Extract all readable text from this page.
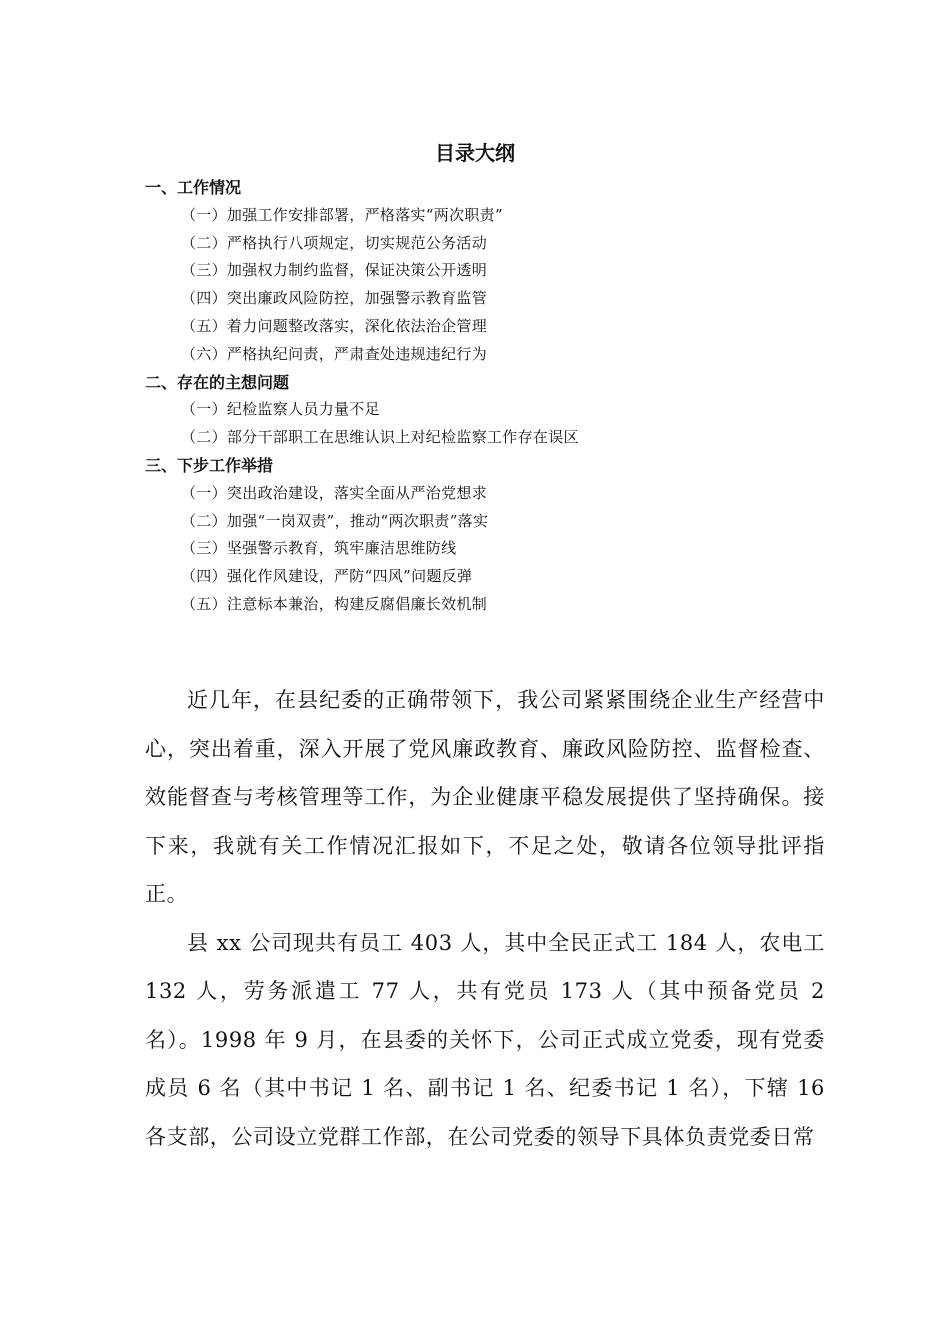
目录大纲
一、工作情况
（一）加强工作安排部署，严格落实“两次职责”
（二）严格执行八项规定，切实规范公务活动
（三）加强权力制约监督，保证决策公开透明
（四）突出廉政风险防控，加强警示教育监管
（五）着力问题整改落实，深化依法治企管理
（六）严格执纪问责，严肃查处违规违纪行为
二、存在的主想问题
（一）纪检监察人员力量不足
（二）部分干部职工在思维认识上对纪检监察工作存在误区
三、下步工作举措
（一）突出政治建设，落实全面从严治党想求
（二）加强“一岗双责”，推动“两次职责”落实
（三）坚强警示教育，筑牢廉洁思维防线
（四）强化作风建设，严防“四风”问题反弹
（五）注意标本兼治，构建反腐倡廉长效机制

近几年，在县纪委的正确带领下，我公司紧紧围绕企业生产经营中心，突出着重，深入开展了党风廉政教育、廉政风险防控、监督检查、效能督查与考核管理等工作，为企业健康平稳发展提供了坚持确保。接下来，我就有关工作情况汇报如下，不足之处，敬请各位领导批评指正。

县 xx 公司现共有员工 403 人，其中全民正式工 184 人，农电工 132 人，劳务派遣工 77 人，共有党员 173 人（其中预备党员 2 名）。1998 年 9 月，在县委的关怀下，公司正式成立党委，现有党委成员 6 名（其中书记 1 名、副书记 1 名、纪委书记 1 名），下辖 16 各支部，公司设立党群工作部，在公司党委的领导下具体负责党委日常
